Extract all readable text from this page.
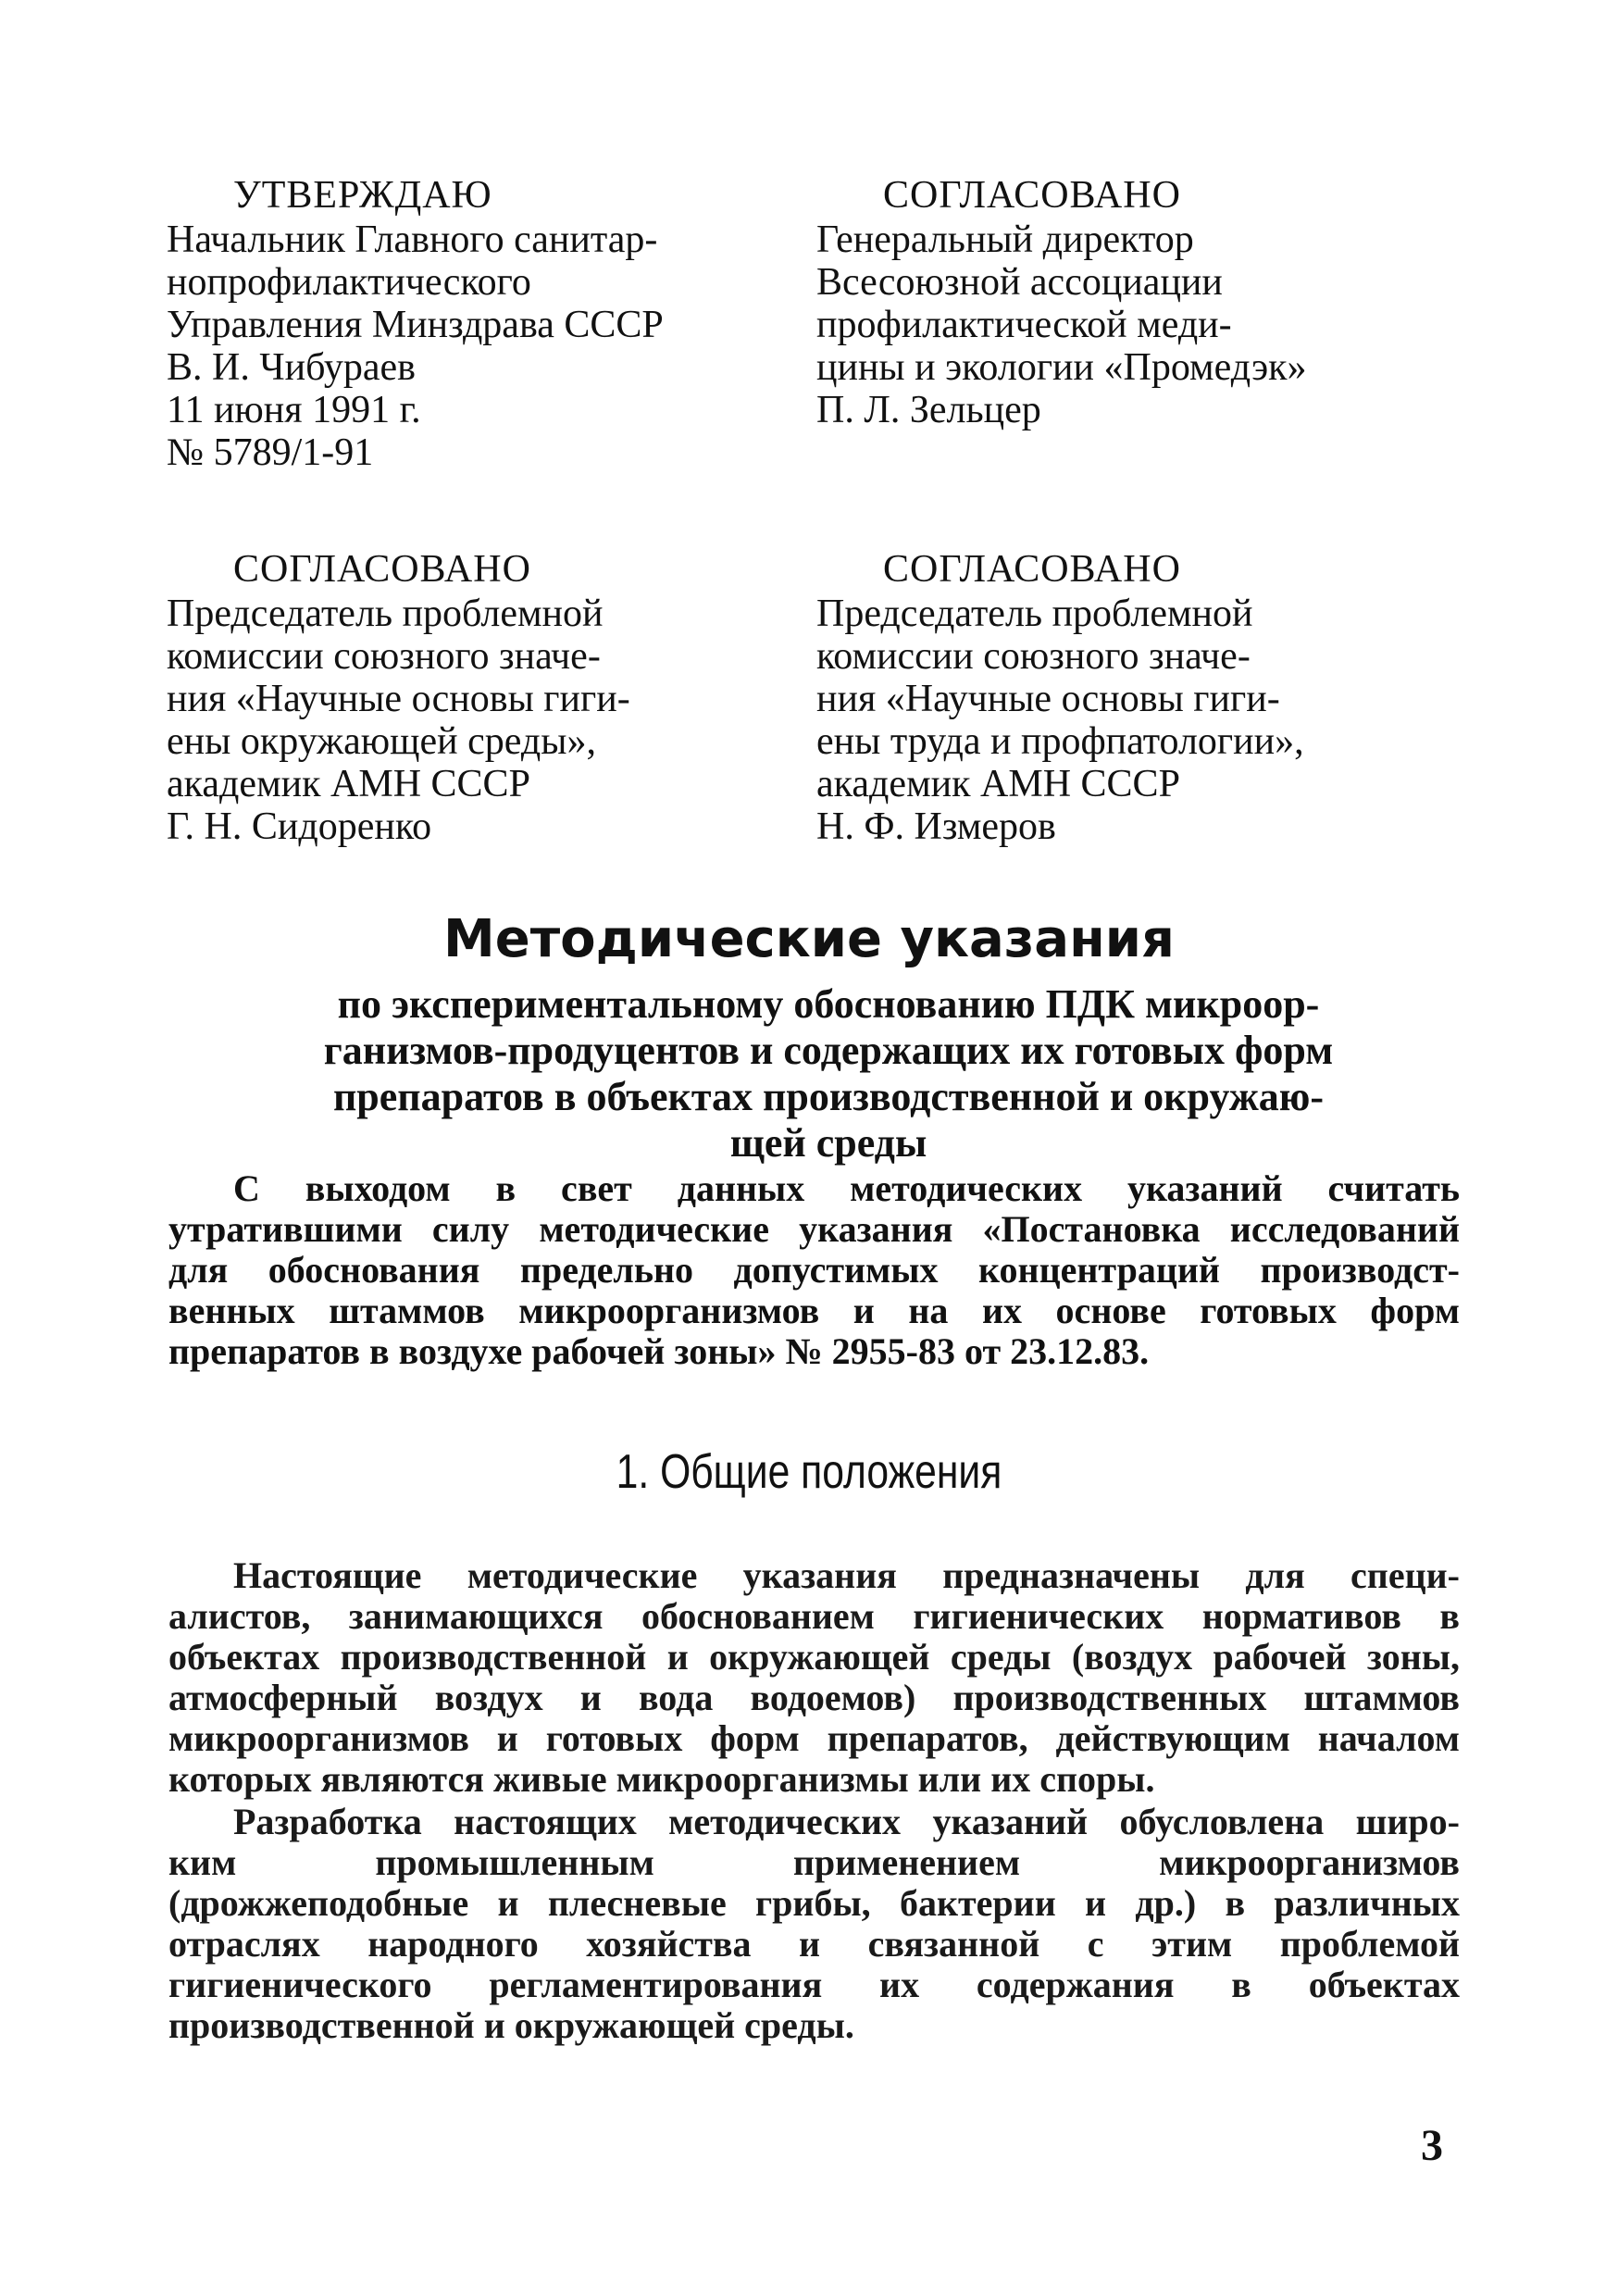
УТВЕРЖДАЮ
Начальник Главного санитар-
нопрофилактического
Управления Минздрава СССР
В. И. Чибураев
11 июня 1991 г.
№ 5789/1-91
СОГЛАСОВАНО
Генеральный директор
Всесоюзной ассоциации
профилактической меди-
цины и экологии «Промедэк»
П. Л. Зельцер
СОГЛАСОВАНО
Председатель проблемной
комиссии союзного значе-
ния «Научные основы гиги-
ены окружающей среды»,
академик АМН СССР
Г. Н. Сидоренко
СОГЛАСОВАНО
Председатель проблемной
комиссии союзного значе-
ния «Научные основы гиги-
ены труда и профпатологии»,
академик АМН СССР
Н. Ф. Измеров
Методические указания
по экспериментальному обоснованию ПДК микроор-
ганизмов-продуцентов и содержащих их готовых форм
препаратов в объектах производственной и окружаю-
щей среды
С выходом в свет данных методических указаний считать
утратившими силу методические указания «Постановка исследований
для обоснования предельно допустимых концентраций производст-
венных штаммов микроорганизмов и на их основе готовых форм
препаратов в воздухе рабочей зоны» № 2955-83 от 23.12.83.
1. Общие положения
Настоящие методические указания предназначены для специ-
алистов, занимающихся обоснованием гигиенических нормативов в
объектах производственной и окружающей среды (воздух рабочей зоны,
атмосферный воздух и вода водоемов) производственных штаммов
микроорганизмов и готовых форм препаратов, действующим началом
которых являются живые микроорганизмы или их споры.
Разработка настоящих методических указаний обусловлена широ-
ким промышленным применением микроорганизмов
(дрожжеподобные и плесневые грибы, бактерии и др.) в различных
отраслях народного хозяйства и связанной с этим проблемой
гигиенического регламентирования их содержания в объектах
производственной и окружающей среды.
3
